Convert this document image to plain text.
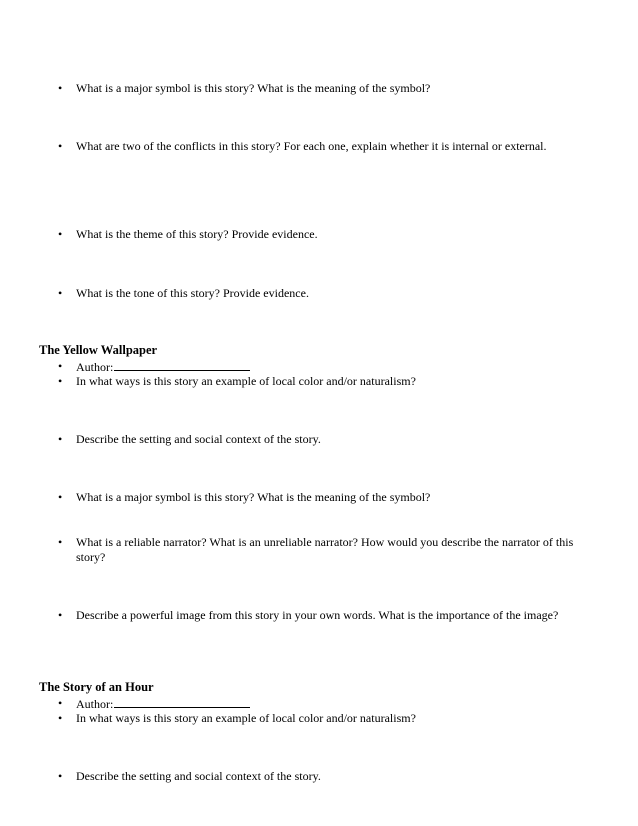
•	What is a major symbol is this story? What is the meaning of the symbol?
•	What are two of the conflicts in this story? For each one, explain whether it is internal or external.
•	What is the theme of this story? Provide evidence.
•	What is the tone of this story? Provide evidence.
The Yellow Wallpaper
•	Author:
•	In what ways is this story an example of local color and/or naturalism?
•	Describe the setting and social context of the story.
•	What is a major symbol is this story? What is the meaning of the symbol?
•	What is a reliable narrator? What is an unreliable narrator? How would you describe the narrator of this story?
•	Describe a powerful image from this story in your own words. What is the importance of the image?
The Story of an Hour
•	Author:
•	In what ways is this story an example of local color and/or naturalism?
•	Describe the setting and social context of the story.
